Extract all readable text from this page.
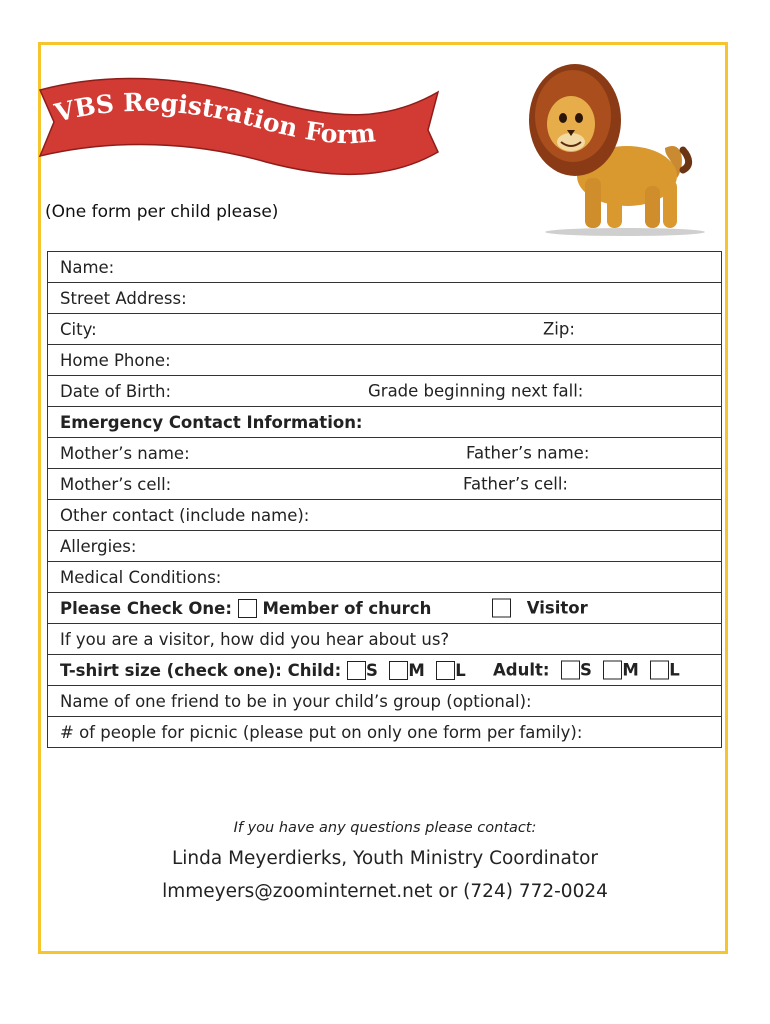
VBS Registration Form
(One form per child please)
Name:
Street Address:
City:	Zip:

Home Phone:
Date of Birth:	Grade beginning next fall:

Emergency Contact Information:
Mother’s name:	Father’s name:

Mother’s cell:	Father’s cell:

Other contact (include name):
Allergies:
Medical Conditions:
Please Check One: Member of church	Visitor

If you are a visitor, how did you hear about us?
T-shirt size (check one): Child: S M L Adult: S M L

Name of one friend to be in your child’s group (optional):
# of people for picnic (please put on only one form per family):
If you have any questions please contact:
Linda Meyerdierks, Youth Ministry Coordinator
lmmeyers@zoominternet.net or (724) 772-0024
